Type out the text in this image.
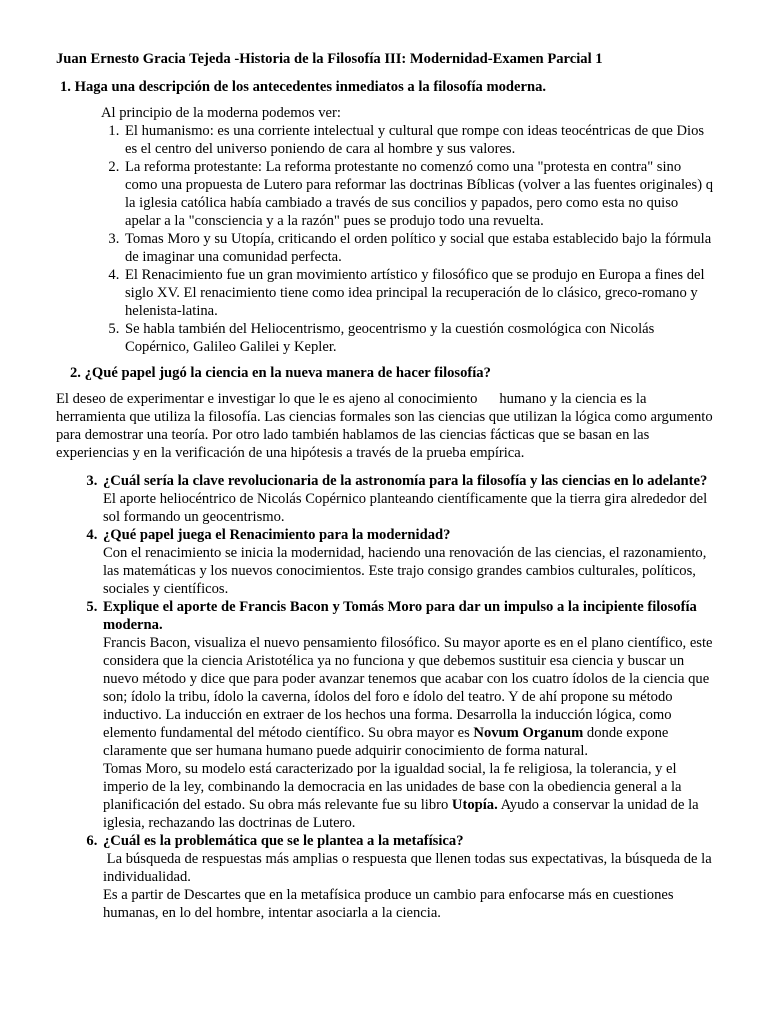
Juan Ernesto Gracia Tejeda -Historia de la Filosofía III: Modernidad-Examen Parcial 1
1. Haga una descripción de los antecedentes inmediatos a la filosofía moderna.
Al principio de la moderna podemos ver:
1. El humanismo: es una corriente intelectual y cultural que rompe con ideas teocéntricas de que Dios es el centro del universo poniendo de cara al hombre y sus valores.
2. La reforma protestante: La reforma protestante no comenzó como una "protesta en contra" sino como una propuesta de Lutero para reformar las doctrinas Bíblicas (volver a las fuentes originales) q la iglesia católica había cambiado a través de sus concilios y papados, pero como esta no quiso apelar a la "consciencia y a la razón" pues se produjo todo una revuelta.
3. Tomas Moro y su Utopía, criticando el orden político y social que estaba establecido bajo la fórmula de imaginar una comunidad perfecta.
4. El Renacimiento fue un gran movimiento artístico y filosófico que se produjo en Europa a fines del siglo XV. El renacimiento tiene como idea principal la recuperación de lo clásico, greco-romano y helenista-latina.
5. Se habla también del Heliocentrismo, geocentrismo y la cuestión cosmológica con Nicolás Copérnico, Galileo Galilei y Kepler.
2. ¿Qué papel jugó la ciencia en la nueva manera de hacer filosofía?
El deseo de experimentar e investigar lo que le es ajeno al conocimiento      humano y la ciencia es la herramienta que utiliza la filosofía. Las ciencias formales son las ciencias que utilizan la lógica como argumento para demostrar una teoría. Por otro lado también hablamos de las ciencias fácticas que se basan en las experiencias y en la verificación de una hipótesis a través de la prueba empírica.
3. ¿Cuál sería la clave revolucionaria de la astronomía para la filosofía y las ciencias en lo adelante?
El aporte heliocéntrico de Nicolás Copérnico planteando científicamente que la tierra gira alrededor del sol formando un geocentrismo.
4. ¿Qué papel juega el Renacimiento para la modernidad?
Con el renacimiento se inicia la modernidad, haciendo una renovación de las ciencias, el razonamiento, las matemáticas y los nuevos conocimientos. Este trajo consigo grandes cambios culturales, políticos, sociales y científicos.
5. Explique el aporte de Francis Bacon y Tomás Moro para dar un impulso a la incipiente filosofía moderna.
Francis Bacon, visualiza el nuevo pensamiento filosófico. Su mayor aporte es en el plano científico, este considera que la ciencia Aristotélica ya no funciona y que debemos sustituir esa ciencia y buscar un nuevo método y dice que para poder avanzar tenemos que acabar con los cuatro ídolos de la ciencia que son; ídolo la tribu, ídolo la caverna, ídolos del foro e ídolo del teatro. Y de ahí propone su método inductivo. La inducción en extraer de los hechos una forma. Desarrolla la inducción lógica, como elemento fundamental del método científico. Su obra mayor es Novum Organum donde expone claramente que ser humana humano puede adquirir conocimiento de forma natural.
Tomas Moro, su modelo está caracterizado por la igualdad social, la fe religiosa, la tolerancia, y el imperio de la ley, combinando la democracia en las unidades de base con la obediencia general a la planificación del estado. Su obra más relevante fue su libro Utopía. Ayudo a conservar la unidad de la iglesia, rechazando las doctrinas de Lutero.
6. ¿Cuál es la problemática que se le plantea a la metafísica?
La búsqueda de respuestas más amplias o respuesta que llenen todas sus expectativas, la búsqueda de la individualidad.
Es a partir de Descartes que en la metafísica produce un cambio para enfocarse más en cuestiones humanas, en lo del hombre, intentar asociarla a la ciencia.
